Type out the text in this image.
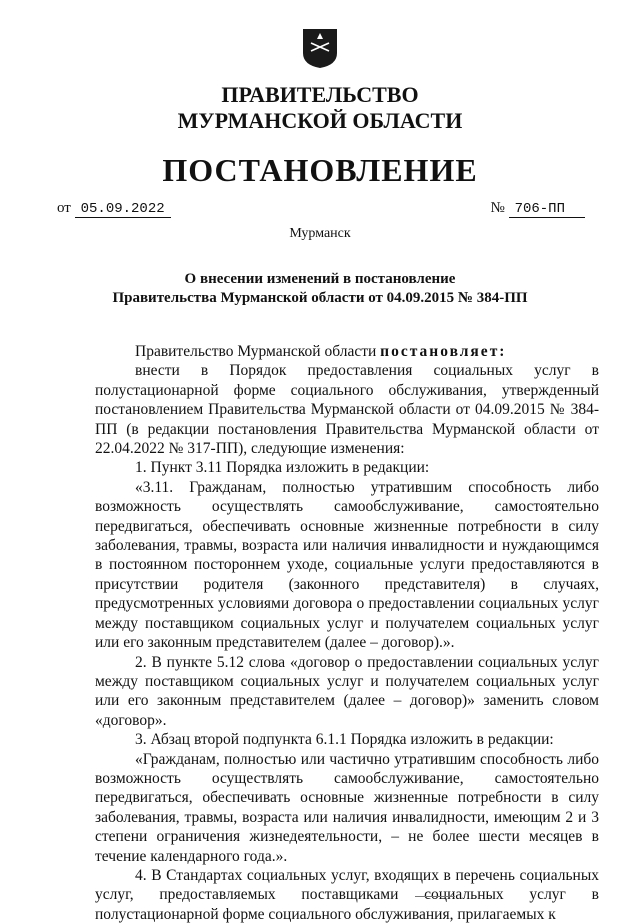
ПРАВИТЕЛЬСТВО
МУРМАНСКОЙ ОБЛАСТИ
ПОСТАНОВЛЕНИЕ
от 05.09.2022	№ 706-ПП
Мурманск
О внесении изменений в постановление
Правительства Мурманской области от 04.09.2015 № 384-ПП

Правительство Мурманской области постановляет:

внести в Порядок предоставления социальных услуг в полустационарной форме социального обслуживания, утвержденный постановлением Правительства Мурманской области от 04.09.2015 № 384-ПП (в редакции постановления Правительства Мурманской области от 22.04.2022 № 317-ПП), следующие изменения:

1. Пункт 3.11 Порядка изложить в редакции:

«3.11. Гражданам, полностью утратившим способность либо возможность осуществлять самообслуживание, самостоятельно передвигаться, обеспечивать основные жизненные потребности в силу заболевания, травмы, возраста или наличия инвалидности и нуждающимся в постоянном постороннем уходе, социальные услуги предоставляются в присутствии родителя (законного представителя) в случаях, предусмотренных условиями договора о предоставлении социальных услуг между поставщиком социальных услуг и получателем социальных услуг или его законным представителем (далее – договор).».

2. В пункте 5.12 слова «договор о предоставлении социальных услуг между поставщиком социальных услуг и получателем социальных услуг или его законным представителем (далее – договор)» заменить словом «договор».

3. Абзац второй подпункта 6.1.1 Порядка изложить в редакции:

«Гражданам, полностью или частично утратившим способность либо возможность осуществлять самообслуживание, самостоятельно передвигаться, обеспечивать основные жизненные потребности в силу заболевания, травмы, возраста или наличия инвалидности, имеющим 2 и 3 степени ограничения жизнедеятельности, – не более шести месяцев в течение календарного года.».

4. В Стандартах социальных услуг, входящих в перечень социальных услуг, предоставляемых поставщиками социальных услуг в полустационарной форме социального обслуживания, прилагаемых к
